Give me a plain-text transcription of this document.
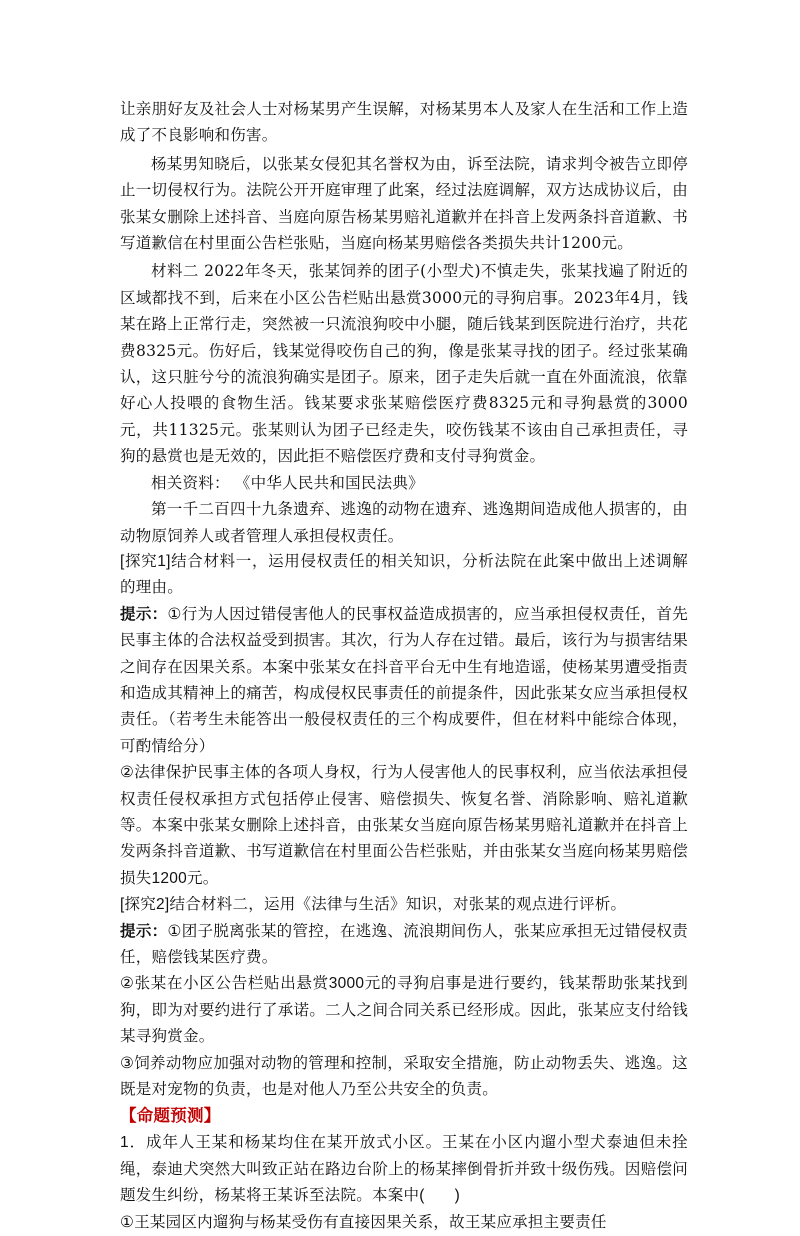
让亲朋好友及社会人士对杨某男产生误解，对杨某男本人及家人在生活和工作上造成了不良影响和伤害。

杨某男知晓后，以张某女侵犯其名誉权为由，诉至法院，请求判令被告立即停止一切侵权行为。法院公开开庭审理了此案，经过法庭调解，双方达成协议后，由张某女删除上述抖音、当庭向原告杨某男赔礼道歉并在抖音上发两条抖音道歉、书写道歉信在村里面公告栏张贴，当庭向杨某男赔偿各类损失共计1200元。

材料二 2022年冬天，张某饲养的团子(小型犬)不慎走失，张某找遍了附近的区域都找不到，后来在小区公告栏贴出悬赏3000元的寻狗启事。2023年4月，钱某在路上正常行走，突然被一只流浪狗咬中小腿，随后钱某到医院进行治疗，共花费8325元。伤好后，钱某觉得咬伤自己的狗，像是张某寻找的团子。经过张某确认，这只脏兮兮的流浪狗确实是团子。原来，团子走失后就一直在外面流浪，依靠好心人投喂的食物生活。钱某要求张某赔偿医疗费8325元和寻狗悬赏的3000元，共11325元。张某则认为团子已经走失，咬伤钱某不该由自己承担责任，寻狗的悬赏也是无效的，因此拒不赔偿医疗费和支付寻狗赏金。

相关资料： 《中华人民共和国民法典》

第一千二百四十九条遗弃、逃逸的动物在遗弃、逃逸期间造成他人损害的，由动物原饲养人或者管理人承担侵权责任。

[探究1]结合材料一，运用侵权责任的相关知识，分析法院在此案中做出上述调解的理由。

提示：①行为人因过错侵害他人的民事权益造成损害的，应当承担侵权责任，首先民事主体的合法权益受到损害。其次，行为人存在过错。最后，该行为与损害结果之间存在因果关系。本案中张某女在抖音平台无中生有地造谣，使杨某男遭受指责和造成其精神上的痛苦，构成侵权民事责任的前提条件，因此张某女应当承担侵权责任。（若考生未能答出一般侵权责任的三个构成要件，但在材料中能综合体现，可酌情给分）

②法律保护民事主体的各项人身权，行为人侵害他人的民事权利，应当依法承担侵权责任侵权承担方式包括停止侵害、赔偿损失、恢复名誉、消除影响、赔礼道歉等。本案中张某女删除上述抖音，由张某女当庭向原告杨某男赔礼道歉并在抖音上发两条抖音道歉、书写道歉信在村里面公告栏张贴，并由张某女当庭向杨某男赔偿损失1200元。

[探究2]结合材料二，运用《法律与生活》知识，对张某的观点进行评析。

提示：①团子脱离张某的管控，在逃逸、流浪期间伤人，张某应承担无过错侵权责任，赔偿钱某医疗费。

②张某在小区公告栏贴出悬赏3000元的寻狗启事是进行要约，钱某帮助张某找到狗，即为对要约进行了承诺。二人之间合同关系已经形成。因此，张某应支付给钱某寻狗赏金。

③饲养动物应加强对动物的管理和控制，采取安全措施，防止动物丢失、逃逸。这既是对宠物的负责，也是对他人乃至公共安全的负责。

【命题预测】

1．成年人王某和杨某均住在某开放式小区。王某在小区内遛小型犬泰迪但未拴绳，泰迪犬突然大叫致正站在路边台阶上的杨某摔倒骨折并致十级伤残。因赔偿问题发生纠纷，杨某将王某诉至法院。本案中( )

①王某园区内遛狗与杨某受伤有直接因果关系，故王某应承担主要责任
